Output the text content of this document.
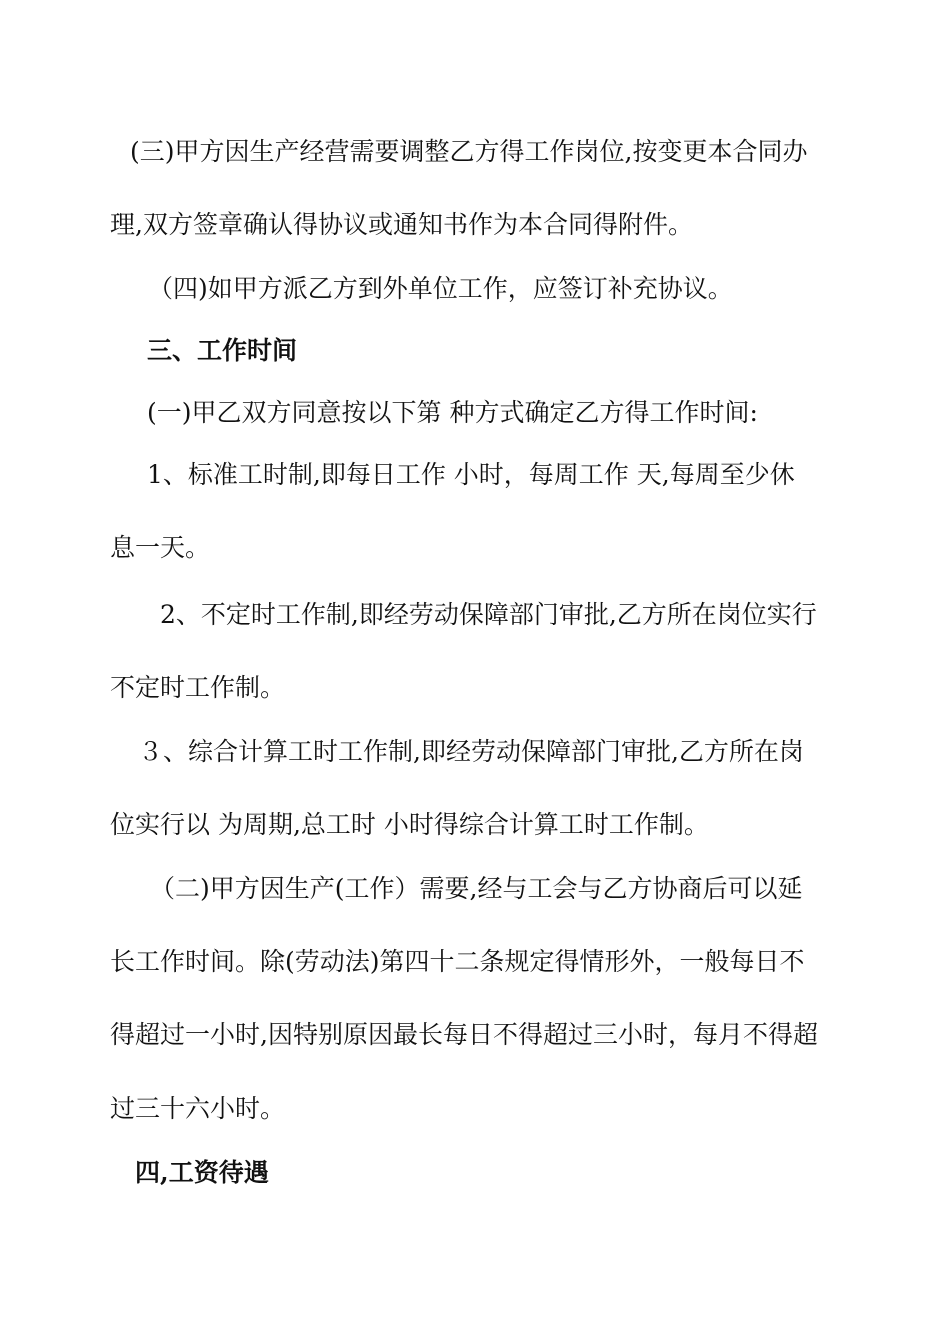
(三)甲方因生产经营需要调整乙方得工作岗位,按变更本合同办
理,双方签章确认得协议或通知书作为本合同得附件。
（四)如甲方派乙方到外单位工作，应签订补充协议。
三、工作时间
(一)甲乙双方同意按以下第 种方式确定乙方得工作时间:
1、标准工时制,即每日工作 小时，每周工作 天,每周至少休
息一天。
2、不定时工作制,即经劳动保障部门审批,乙方所在岗位实行
不定时工作制。
３、综合计算工时工作制,即经劳动保障部门审批,乙方所在岗
位实行以 为周期,总工时 小时得综合计算工时工作制。
（二)甲方因生产(工作）需要,经与工会与乙方协商后可以延
长工作时间。除(劳动法)第四十二条规定得情形外，一般每日不
得超过一小时,因特别原因最长每日不得超过三小时，每月不得超
过三十六小时。
四,工资待遇
